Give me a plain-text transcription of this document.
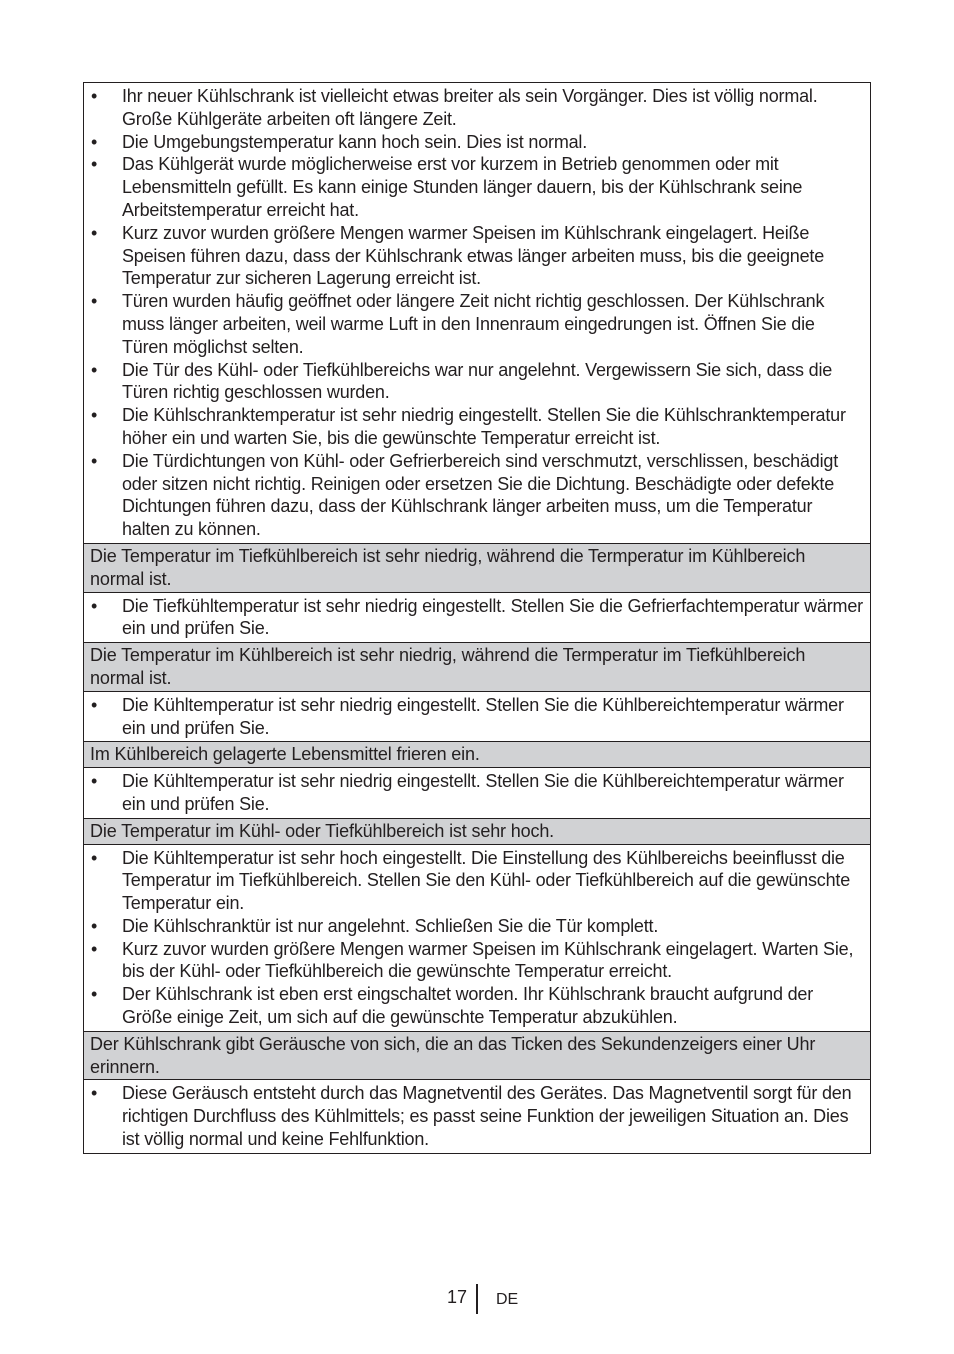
• Ihr neuer Kühlschrank ist vielleicht etwas breiter als sein Vorgänger. Dies ist völlig normal. Große Kühlgeräte arbeiten oft längere Zeit.
• Die Umgebungstemperatur kann hoch sein. Dies ist normal.
• Das Kühlgerät wurde möglicherweise erst vor kurzem in Betrieb genommen oder mit Lebensmitteln gefüllt. Es kann einige Stunden länger dauern, bis der Kühlschrank seine Arbeitstemperatur erreicht hat.
• Kurz zuvor wurden größere Mengen warmer Speisen im Kühlschrank eingelagert. Heiße Speisen führen dazu, dass der Kühlschrank etwas länger arbeiten muss, bis die geeignete Temperatur zur sicheren Lagerung erreicht ist.
• Türen wurden häufig geöffnet oder längere Zeit nicht richtig geschlossen. Der Kühlschrank muss länger arbeiten, weil warme Luft in den Innenraum eingedrungen ist. Öffnen Sie die Türen möglichst selten.
• Die Tür des Kühl- oder Tiefkühlbereichs war nur angelehnt. Vergewissern Sie sich, dass die Türen richtig geschlossen wurden.
• Die Kühlschranktemperatur ist sehr niedrig eingestellt. Stellen Sie die Kühlschranktemperatur höher ein und warten Sie, bis die gewünschte Temperatur erreicht ist.
• Die Türdichtungen von Kühl- oder Gefrierbereich sind verschmutzt, verschlissen, beschädigt oder sitzen nicht richtig. Reinigen oder ersetzen Sie die Dichtung. Beschädigte oder defekte Dichtungen führen dazu, dass der Kühlschrank länger arbeiten muss, um die Temperatur halten zu können.

Die Temperatur im Tiefkühlbereich ist sehr niedrig, während die Termperatur im Kühlbereich normal ist.

• Die Tiefkühltemperatur ist sehr niedrig eingestellt. Stellen Sie die Gefrierfachtemperatur wärmer ein und prüfen Sie.

Die Temperatur im Kühlbereich ist sehr niedrig, während die Termperatur im Tiefkühlbereich normal ist.

• Die Kühltemperatur ist sehr niedrig eingestellt. Stellen Sie die Kühlbereichtemperatur wärmer ein und prüfen Sie.

Im Kühlbereich gelagerte Lebensmittel frieren ein.

• Die Kühltemperatur ist sehr niedrig eingestellt. Stellen Sie die Kühlbereichtemperatur wärmer ein und prüfen Sie.

Die Temperatur im Kühl- oder Tiefkühlbereich ist sehr hoch.

• Die Kühltemperatur ist sehr hoch eingestellt. Die Einstellung des Kühlbereichs beeinflusst die Temperatur im Tiefkühlbereich. Stellen Sie den Kühl- oder Tiefkühlbereich auf die gewünschte Temperatur ein.
• Die Kühlschranktür ist nur angelehnt. Schließen Sie die Tür komplett.
• Kurz zuvor wurden größere Mengen warmer Speisen im Kühlschrank eingelagert. Warten Sie, bis der Kühl- oder Tiefkühlbereich die gewünschte Temperatur erreicht.
• Der Kühlschrank ist eben erst eingschaltet worden. Ihr Kühlschrank braucht aufgrund der Größe einige Zeit, um sich auf die gewünschte Temperatur abzukühlen.

Der Kühlschrank gibt Geräusche von sich, die an das Ticken des Sekundenzeigers einer Uhr erinnern.

• Diese Geräusch entsteht durch das Magnetventil des Gerätes. Das Magnetventil sorgt für den richtigen Durchfluss des Kühlmittels; es passt seine Funktion der jeweiligen Situation an. Dies ist völlig normal und keine Fehlfunktion.
17 DE
